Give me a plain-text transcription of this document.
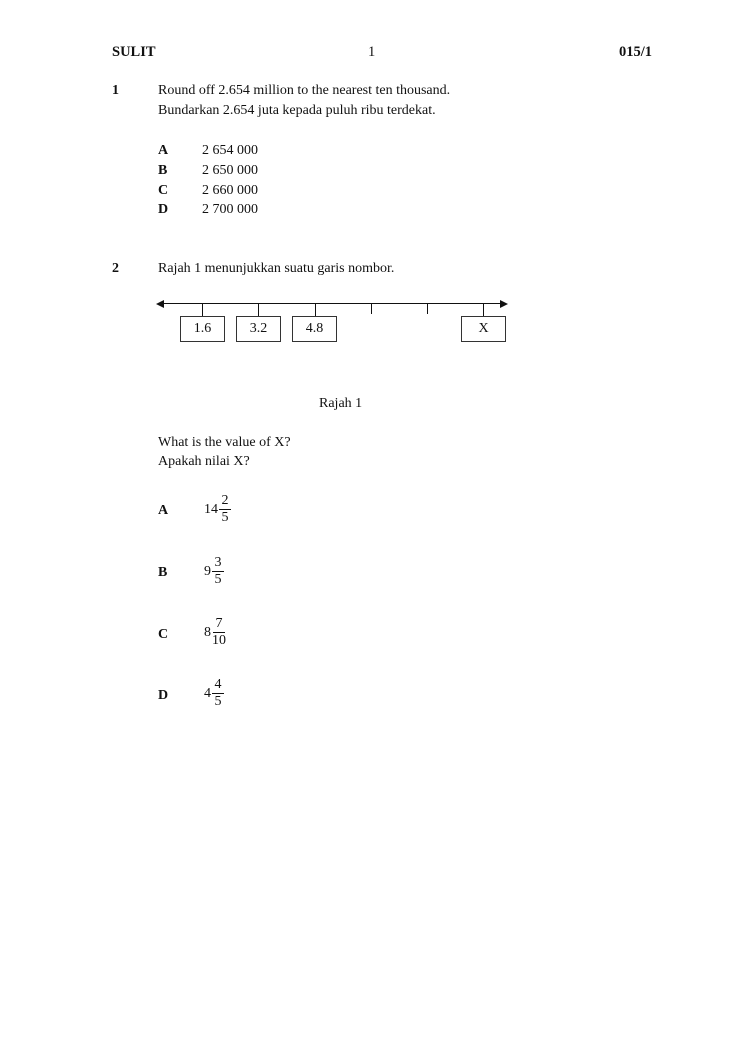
SULIT	1	015/1
1	Round off 2.654 million to the nearest ten thousand.
Bundarkan 2.654 juta kepada puluh ribu terdekat.
A 2 654 000
B 2 650 000
C 2 660 000
D 2 700 000
2	Rajah 1 menunjukkan suatu garis nombor.
1.6	3.2	4.8	X
Rajah 1
What is the value of X?
Apakah nilai X?
A	$14 \frac{2}{5}$
B	$9 \frac{3}{5}$
C	$8 \frac{7}{10}$
D	$4 \frac{4}{5}$
